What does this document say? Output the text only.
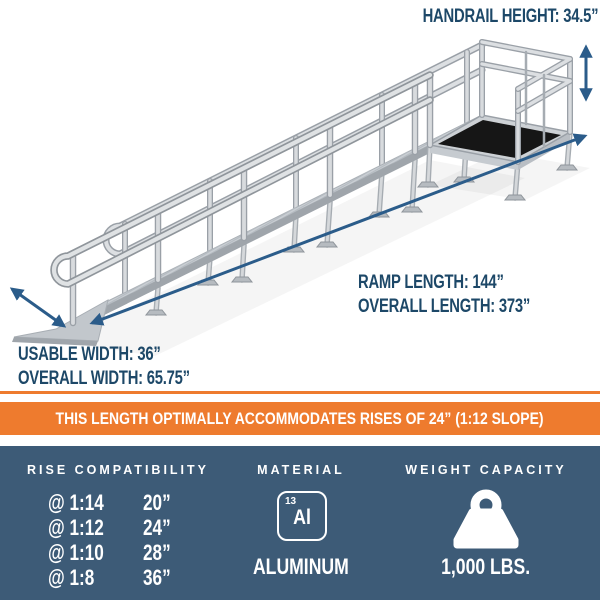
HANDRAIL HEIGHT: 34.5”
RAMP LENGTH: 144”
OVERALL LENGTH: 373”
USABLE WIDTH: 36”
OVERALL WIDTH: 65.75”
THIS LENGTH OPTIMALLY ACCOMMODATES RISES OF 24” (1:12 SLOPE)
RISE COMPATIBILITY	MATERIAL	WEIGHT CAPACITY
@ 1:14 20”
@ 1:12 24”
@ 1:10 28”
@ 1:8 36”
13
Al
ALUMINUM	1,000 LBS.
